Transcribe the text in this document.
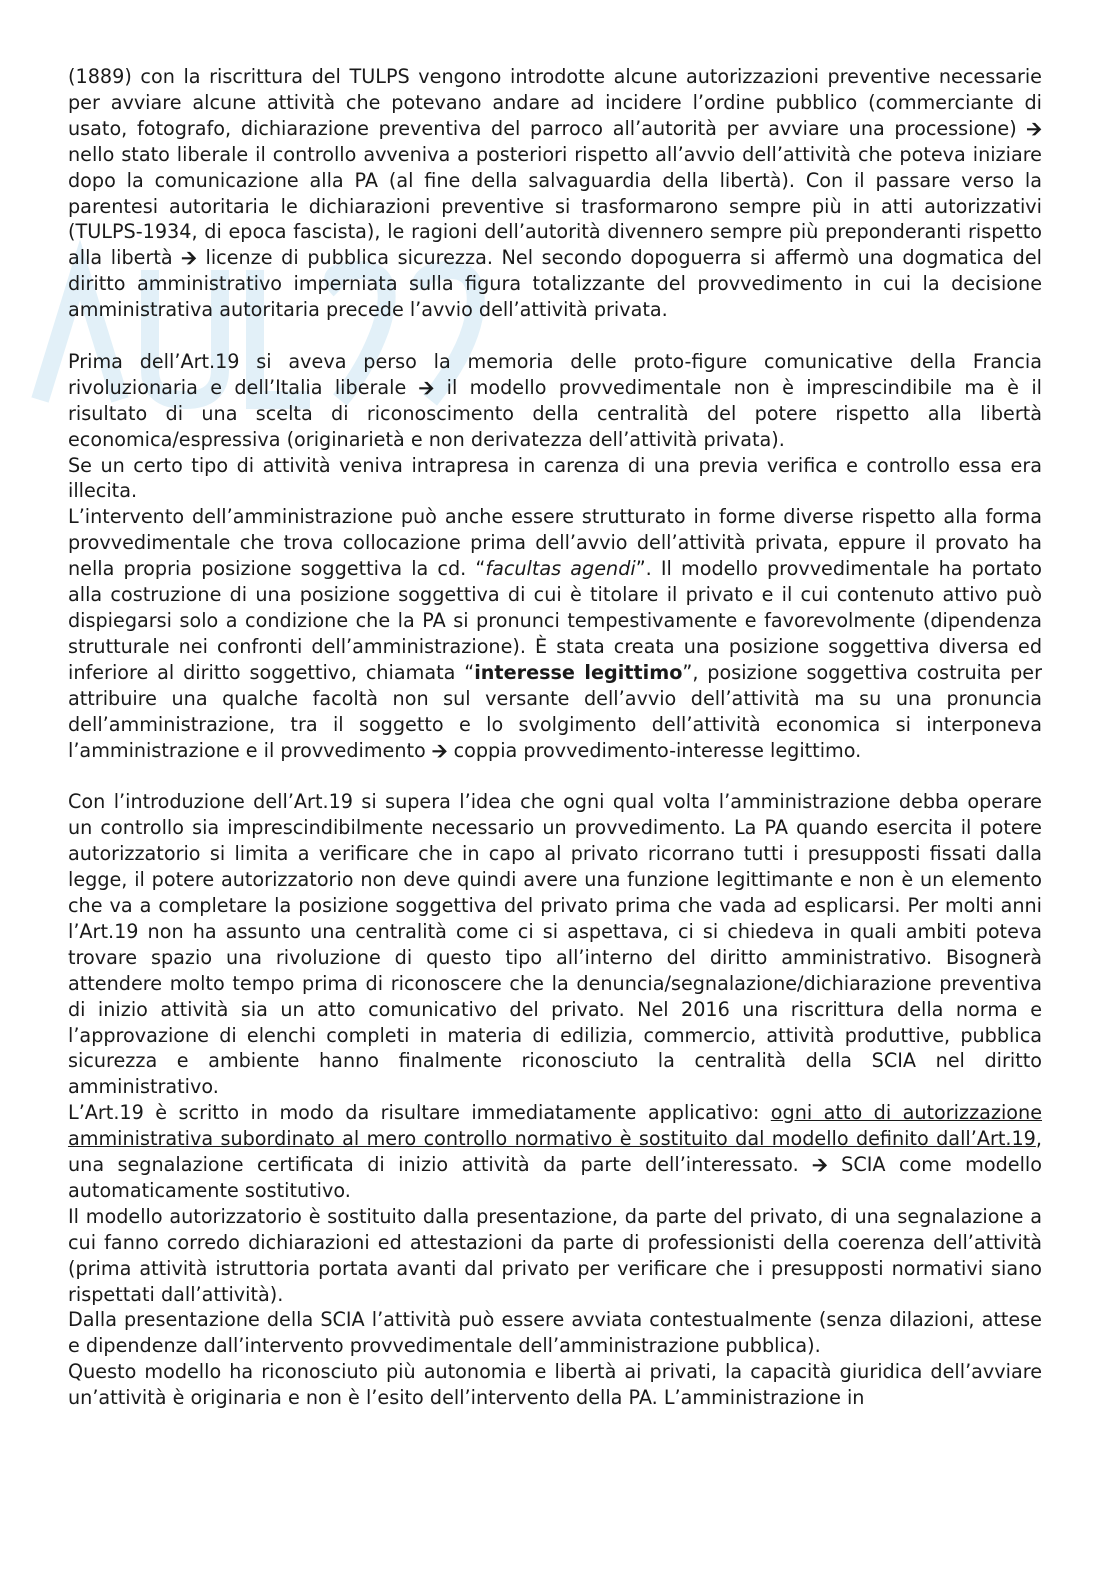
(1889) con la riscrittura del TULPS vengono introdotte alcune autorizzazioni preventive necessarie per avviare alcune attività che potevano andare ad incidere l’ordine pubblico (commerciante di usato, fotografo, dichiarazione preventiva del parroco all’autorità per avviare una processione) 🡪 nello stato liberale il controllo avveniva a posteriori rispetto all’avvio dell’attività che poteva iniziare dopo la comunicazione alla PA (al fine della salvaguardia della libertà). Con il passare verso la parentesi autoritaria le dichiarazioni preventive si trasformarono sempre più in atti autorizzativi (TULPS-1934, di epoca fascista), le ragioni dell’autorità divennero sempre più preponderanti rispetto alla libertà 🡪 licenze di pubblica sicurezza. Nel secondo dopoguerra si affermò una dogmatica del diritto amministrativo imperniata sulla figura totalizzante del provvedimento in cui la decisione amministrativa autoritaria precede l’avvio dell’attività privata.

Prima dell’Art.19 si aveva perso la memoria delle proto-figure comunicative della Francia rivoluzionaria e dell’Italia liberale 🡪 il modello provvedimentale non è imprescindibile ma è il risultato di una scelta di riconoscimento della centralità del potere rispetto alla libertà economica/espressiva (originarietà e non derivatezza dell’attività privata).

Se un certo tipo di attività veniva intrapresa in carenza di una previa verifica e controllo essa era illecita.

L’intervento dell’amministrazione può anche essere strutturato in forme diverse rispetto alla forma provvedimentale che trova collocazione prima dell’avvio dell’attività privata, eppure il provato ha nella propria posizione soggettiva la cd. “facultas agendi”. Il modello provvedimentale ha portato alla costruzione di una posizione soggettiva di cui è titolare il privato e il cui contenuto attivo può dispiegarsi solo a condizione che la PA si pronunci tempestivamente e favorevolmente (dipendenza strutturale nei confronti dell’amministrazione). È stata creata una posizione soggettiva diversa ed inferiore al diritto soggettivo, chiamata “interesse legittimo”, posizione soggettiva costruita per attribuire una qualche facoltà non sul versante dell’avvio dell’attività ma su una pronuncia dell’amministrazione, tra il soggetto e lo svolgimento dell’attività economica si interponeva l’amministrazione e il provvedimento 🡪 coppia provvedimento-interesse legittimo.

Con l’introduzione dell’Art.19 si supera l’idea che ogni qual volta l’amministrazione debba operare un controllo sia imprescindibilmente necessario un provvedimento. La PA quando esercita il potere autorizzatorio si limita a verificare che in capo al privato ricorrano tutti i presupposti fissati dalla legge, il potere autorizzatorio non deve quindi avere una funzione legittimante e non è un elemento che va a completare la posizione soggettiva del privato prima che vada ad esplicarsi. Per molti anni l’Art.19 non ha assunto una centralità come ci si aspettava, ci si chiedeva in quali ambiti poteva trovare spazio una rivoluzione di questo tipo all’interno del diritto amministrativo. Bisognerà attendere molto tempo prima di riconoscere che la denuncia/segnalazione/dichiarazione preventiva di inizio attività sia un atto comunicativo del privato. Nel 2016 una riscrittura della norma e l’approvazione di elenchi completi in materia di edilizia, commercio, attività produttive, pubblica sicurezza e ambiente hanno finalmente riconosciuto la centralità della SCIA nel diritto amministrativo.

L’Art.19 è scritto in modo da risultare immediatamente applicativo: ogni atto di autorizzazione amministrativa subordinato al mero controllo normativo è sostituito dal modello definito dall’Art.19, una segnalazione certificata di inizio attività da parte dell’interessato. 🡪 SCIA come modello automaticamente sostitutivo.

Il modello autorizzatorio è sostituito dalla presentazione, da parte del privato, di una segnalazione a cui fanno corredo dichiarazioni ed attestazioni da parte di professionisti della coerenza dell’attività (prima attività istruttoria portata avanti dal privato per verificare che i presupposti normativi siano rispettati dall’attività).

Dalla presentazione della SCIA l’attività può essere avviata contestualmente (senza dilazioni, attese e dipendenze dall’intervento provvedimentale dell’amministrazione pubblica).

Questo modello ha riconosciuto più autonomia e libertà ai privati, la capacità giuridica dell’avviare un’attività è originaria e non è l’esito dell’intervento della PA. L’amministrazione in
